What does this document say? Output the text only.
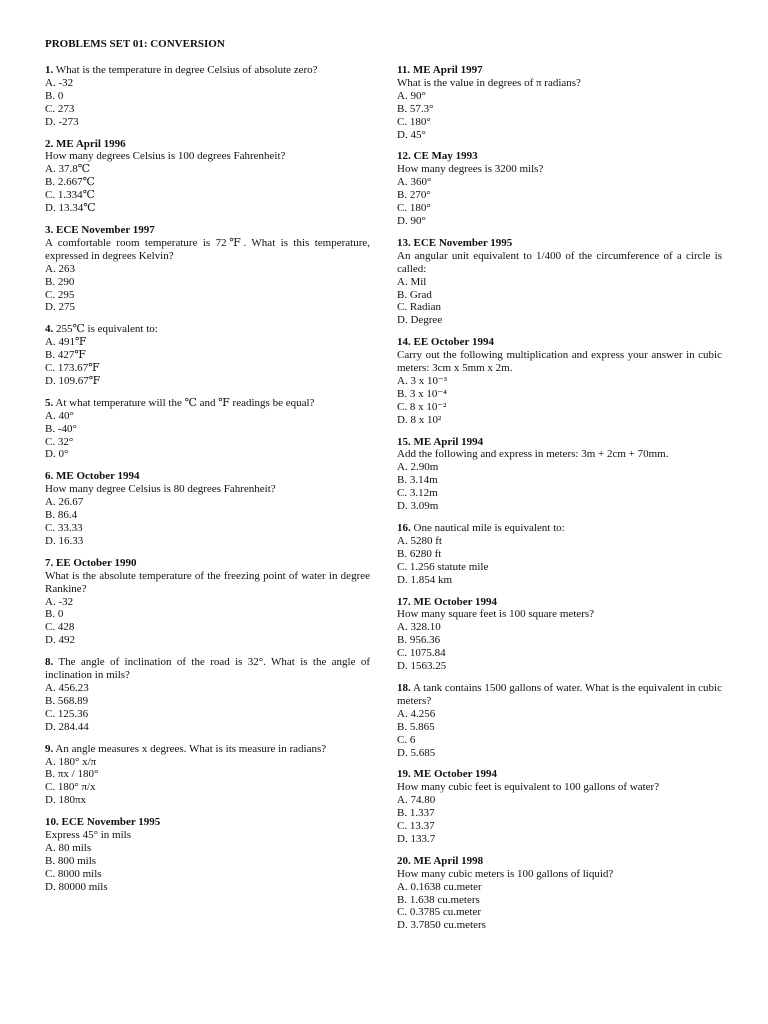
PROBLEMS SET 01: CONVERSION
1. What is the temperature in degree Celsius of absolute zero?
A. -32
B. 0
C. 273
D. -273
2. ME April 1996
How many degrees Celsius is 100 degrees Fahrenheit?
A. 37.8℃
B. 2.667℃
C. 1.334℃
D. 13.34℃
3. ECE November 1997
A comfortable room temperature is 72℉. What is this temperature, expressed in degrees Kelvin?
A. 263
B. 290
C. 295
D. 275
4. 255℃ is equivalent to:
A. 491℉
B. 427℉
C. 173.67℉
D. 109.67℉
5. At what temperature will the ℃ and ℉ readings be equal?
A. 40°
B. -40°
C. 32°
D. 0°
6. ME October 1994
How many degree Celsius is 80 degrees Fahrenheit?
A. 26.67
B. 86.4
C. 33.33
D. 16.33
7. EE October 1990
What is the absolute temperature of the freezing point of water in degree Rankine?
A. -32
B. 0
C. 428
D. 492
8. The angle of inclination of the road is 32°. What is the angle of inclination in mils?
A. 456.23
B. 568.89
C. 125.36
D. 284.44
9. An angle measures x degrees. What is its measure in radians?
A. 180° x/π
B. πx / 180°
C. 180° π/x
D. 180πx
10. ECE November 1995
Express 45° in mils
A. 80 mils
B. 800 mils
C. 8000 mils
D. 80000 mils
11. ME April 1997
What is the value in degrees of π radians?
A. 90°
B. 57.3°
C. 180°
D. 45°
12. CE May 1993
How many degrees is 3200 mils?
A. 360°
B. 270°
C. 180°
D. 90°
13. ECE November 1995
An angular unit equivalent to 1/400 of the circumference of a circle is called:
A. Mil
B. Grad
C. Radian
D. Degree
14. EE October 1994
Carry out the following multiplication and express your answer in cubic meters: 3cm x 5mm x 2m.
A. 3 x 10⁻³
B. 3 x 10⁻⁴
C. 8 x 10⁻²
D. 8 x 10²
15. ME April 1994
Add the following and express in meters: 3m + 2cm + 70mm.
A. 2.90m
B. 3.14m
C. 3.12m
D. 3.09m
16. One nautical mile is equivalent to:
A. 5280 ft
B. 6280 ft
C. 1.256 statute mile
D. 1.854 km
17. ME October 1994
How many square feet is 100 square meters?
A. 328.10
B. 956.36
C. 1075.84
D. 1563.25
18. A tank contains 1500 gallons of water. What is the equivalent in cubic meters?
A. 4.256
B. 5.865
C. 6
D. 5.685
19. ME October 1994
How many cubic feet is equivalent to 100 gallons of water?
A. 74.80
B. 1.337
C. 13.37
D. 133.7
20. ME April 1998
How many cubic meters is 100 gallons of liquid?
A. 0.1638 cu.meter
B. 1.638 cu.meters
C. 0.3785 cu.meter
D. 3.7850 cu.meters
